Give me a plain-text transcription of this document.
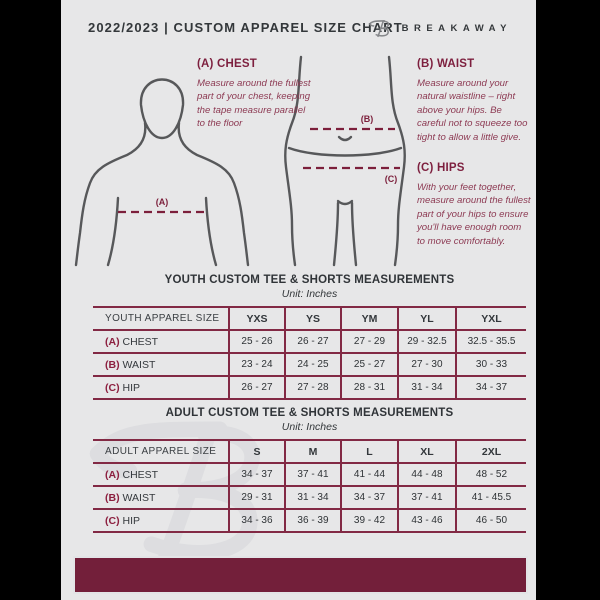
2022/2023 | CUSTOM APPAREL SIZE CHART
BREAKAWAY
(A)
(B)
(C)
(A) CHEST

Measure around the fullest part of your chest, keeping the tape measure parallel to the floor

(B) WAIST

Measure around your natural waistline – right above your hips. Be careful not to squeeze too tight to allow a little give.

(C) HIPS

With your feet together, measure around the fullest part of your hips to ensure you'll have enough room to move comfortably.

YOUTH CUSTOM TEE & SHORTS MEASUREMENTS
Unit: Inches
YOUTH APPAREL SIZE	YXS	YS	YM	YL	YXL
(A) CHEST	25 - 26	26 - 27	27 - 29	29 - 32.5	32.5 - 35.5
(B) WAIST	23 - 24	24 - 25	25 - 27	27 - 30	30 - 33
(C) HIP	26 - 27	27 - 28	28 - 31	31 - 34	34 - 37
ADULT CUSTOM TEE & SHORTS MEASUREMENTS
Unit: Inches
ADULT APPAREL SIZE	S	M	L	XL	2XL
(A) CHEST	34 - 37	37 - 41	41 - 44	44 - 48	48 - 52
(B) WAIST	29 - 31	31 - 34	34 - 37	37 - 41	41 - 45.5
(C) HIP	34 - 36	36 - 39	39 - 42	43 - 46	46 - 50
